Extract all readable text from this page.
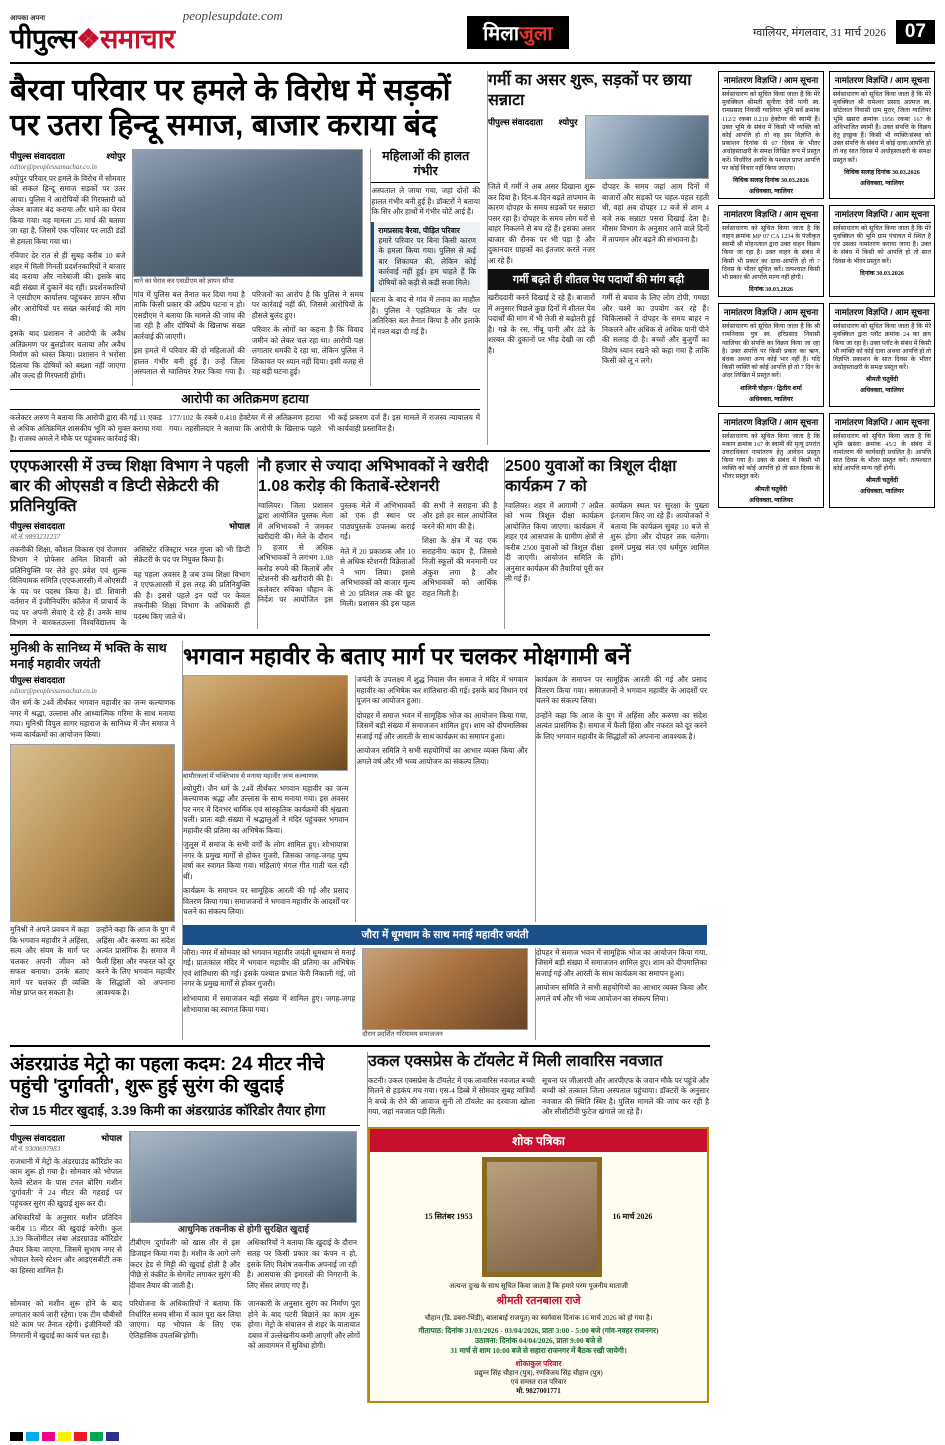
आपका अपना
पीपुल्स❖समाचार
peoplesupdate.com
मिलाजुला	ग्वालियर, मंगलवार, 31 मार्च 2026	07
बैरवा परिवार पर हमले के विरोध में सड़कों पर उतरा हिन्दू समाज, बाजार कराया बंद
पीपुल्स संवाददाता	श्योपुर
editor@peoplessamachar.co.in

श्योपुर परिवार पर हमले के विरोध में सोमवार को सकल हिन्दू समाज सड़कों पर उतर आया। पुलिस ने आरोपियों की गिरफ्तारी को लेकर बाजार बंद कराया और थाने का घेराव किया गया। यह मामला 25 मार्च की बताया जा रहा है, जिसमें एक परिवार पर लाठी डंडों से हमला किया गया था।

रविवार देर रात से ही सुबह करीब 10 बजे शहर में मिली गिनती प्रदर्शनकारियों ने बाजार बंद कराया और नारेबाजी की। इसके बाद बड़ी संख्या में दुकानें बंद रहीं। प्रदर्शनकारियों ने एसडीएम कार्यालय पहुंचकर ज्ञापन सौंपा और आरोपियों पर सख्त कार्रवाई की मांग की।

इसके बाद प्रशासन ने आरोपी के अवैध अतिक्रमण पर बुलडोजर चलाया और अवैध निर्माण को ध्वस्त किया। प्रशासन ने भरोसा दिलाया कि दोषियों को बख्शा नहीं जाएगा और जल्द ही गिरफ्तारी होगी।

थाने का घेराव कर एसडीएम को ज्ञापन सौंपा

गांव में पुलिस बल तैनात कर दिया गया है ताकि किसी प्रकार की अप्रिय घटना न हो। एसडीएम ने बताया कि मामले की जांच की जा रही है और दोषियों के खिलाफ सख्त कार्रवाई की जाएगी।

इस हमले में परिवार की दो महिलाओं की हालत गंभीर बनी हुई है। उन्हें जिला अस्पताल से ग्वालियर रेफर किया गया है। परिजनों का आरोप है कि पुलिस ने समय पर कार्रवाई नहीं की, जिससे आरोपियों के हौसले बुलंद हुए।

परिवार के लोगों का कहना है कि विवाद जमीन को लेकर चल रहा था। आरोपी पक्ष लगातार धमकी दे रहा था, लेकिन पुलिस ने शिकायत पर ध्यान नहीं दिया। इसी वजह से यह बड़ी घटना हुई।

महिलाओं की हालत गंभीर

अस्पताल ले जाया गया, जहां दोनों की हालत गंभीर बनी हुई है। डॉक्टरों ने बताया कि सिर और हाथों में गंभीर चोटें आई हैं।

रामप्रसाद बैरवा, पीड़ित परिवार
हमारे परिवार पर बिना किसी कारण के हमला किया गया। पुलिस से कई बार शिकायत की, लेकिन कोई कार्रवाई नहीं हुई। हम चाहते हैं कि दोषियों को कड़ी से कड़ी सजा मिले।

घटना के बाद से गांव में तनाव का माहौल है। पुलिस ने एहतियात के तौर पर अतिरिक्त बल तैनात किया है और इलाके में गश्त बढ़ा दी गई है।

आरोपी का अतिक्रमण हटाया

कलेक्टर अरुण ने बताया कि आरोपी द्वारा की गई 11 एकड़ से अधिक अतिक्रमित शासकीय भूमि को मुक्त कराया गया है। राजस्व अमले ने मौके पर पहुंचकर कार्रवाई की।

177/102 के रकबे 0.418 हेक्टेयर में से अतिक्रमण हटाया गया। तहसीलदार ने बताया कि आरोपी के खिलाफ पहले भी कई प्रकरण दर्ज हैं। इस मामले में राजस्व न्यायालय में भी कार्यवाही प्रस्तावित है।

गर्मी का असर शुरू, सड़कों पर छाया सन्नाटा
पीपुल्स संवाददाता श्योपुर

जिले में गर्मी ने अब असर दिखाना शुरू कर दिया है। दिन-ब-दिन बढ़ते तापमान के कारण दोपहर के समय सड़कों पर सन्नाटा पसर रहा है। दोपहर के समय लोग घरों से बाहर निकलने से बच रहे हैं। इसका असर बाजार की रौनक पर भी पड़ा है और दुकानदार ग्राहकों का इंतजार करते नजर आ रहे हैं।

दोपहर के समय जहां आम दिनों में बाजारों और सड़कों पर चहल-पहल रहती थी, वहां अब दोपहर 12 बजे से शाम 4 बजे तक सन्नाटा पसरा दिखाई देता है। मौसम विभाग के अनुसार आने वाले दिनों में तापमान और बढ़ने की संभावना है।

गर्मी बढ़ते ही शीतल पेय पदार्थों की मांग बढ़ी

खरीददारी करने दिखाई दे रहे हैं। बाजारों में अनुसार पिछले कुछ दिनों में शीतल पेय पदार्थों की मांग में भी तेजी से बढ़ोतरी हुई है। गन्ने के रस, नींबू पानी और ठंडे के शरबत की दुकानों पर भीड़ देखी जा रही है।

गर्मी से बचाव के लिए लोग टोपी, गमछा और चश्मे का उपयोग कर रहे हैं। चिकित्सकों ने दोपहर के समय बाहर न निकलने और अधिक से अधिक पानी पीने की सलाह दी है। बच्चों और बुजुर्गों का विशेष ध्यान रखने को कहा गया है ताकि किसी को लू न लगे।

एएफआरसी में उच्च शिक्षा विभाग ने पहली बार की ओएसडी व डिप्टी सेक्रेटरी की प्रतिनियुक्ति
पीपुल्स संवाददाता	भोपाल
मो.नं. 9893231237

तकनीकी शिक्षा, कौशल विकास एवं रोजगार विभाग ने प्रोफेसर अनिल शिवानी को प्रतिनियुक्ति पर लेते हुए प्रवेश एवं शुल्क विनियामक समिति (एएफआरसी) में ओएसडी के पद पर पदस्थ किया है। डॉ. शिवानी वर्तमान में इंजीनियरिंग कॉलेज में प्राचार्य के पद पर अपनी सेवाएं दे रहे हैं। उनके साथ विभाग ने बारकतउल्ला विश्वविद्यालय के असिस्टेंट रजिस्ट्रार भरत गुप्ता को भी डिप्टी सेक्रेटरी के पद पर नियुक्त किया है।

यह पहला अवसर है जब उच्च शिक्षा विभाग ने एएफआरसी में इस तरह की प्रतिनियुक्ति की है। इससे पहले इन पदों पर केवल तकनीकी शिक्षा विभाग के अधिकारी ही पदस्थ किए जाते थे।

नौ हजार से ज्यादा अभिभावकों ने खरीदी 1.08 करोड़ की किताबें-स्टेशनरी

ग्वालियर। जिला प्रशासन द्वारा आयोजित पुस्तक मेला में अभिभावकों ने जमकर खरीदारी की। मेले के दौरान 9 हजार से अधिक अभिभावकों ने लगभग 1.08 करोड़ रुपये की किताबें और स्टेशनरी की खरीदारी की है। कलेक्टर रुचिका चौहान के निर्देश पर आयोजित इस पुस्तक मेले में अभिभावकों को एक ही स्थान पर पाठ्यपुस्तकें उपलब्ध कराई गईं।

मेले में 20 प्रकाशक और 10 से अधिक स्टेशनरी विक्रेताओं ने भाग लिया। इससे अभिभावकों को बाजार मूल्य से 20 प्रतिशत तक की छूट मिली। प्रशासन की इस पहल की सभी ने सराहना की है और इसे हर साल आयोजित करने की मांग की है।

शिक्षा के क्षेत्र में यह एक सराहनीय कदम है, जिससे निजी स्कूलों की मनमानी पर अंकुश लगा है और अभिभावकों को आर्थिक राहत मिली है।

2500 युवाओं का त्रिशूल दीक्षा कार्यक्रम 7 को

ग्वालियर। शहर में आगामी 7 अप्रैल को भव्य त्रिशूल दीक्षा कार्यक्रम आयोजित किया जाएगा। कार्यक्रम में शहर एवं आसपास के ग्रामीण क्षेत्रों से करीब 2500 युवाओं को त्रिशूल दीक्षा दी जाएगी। आयोजन समिति के अनुसार कार्यक्रम की तैयारियां पूरी कर ली गई हैं।

कार्यक्रम स्थल पर सुरक्षा के पुख्ता इंतजाम किए जा रहे हैं। आयोजकों ने बताया कि कार्यक्रम सुबह 10 बजे से शुरू होगा और दोपहर तक चलेगा। इसमें प्रमुख संत एवं धर्मगुरु शामिल होंगे।

मुनिश्री के सानिध्य में भक्ति के साथ मनाई महावीर जयंती
पीपुल्स संवाददाता
editor@peoplessamachar.co.in

जैन धर्म के 24वें तीर्थंकर भगवान महावीर का जन्म कल्याणक नगर में श्रद्धा, उल्लास और आध्यात्मिक गरिमा के साथ मनाया गया। मुनिश्री विपुल सागर महाराज के सानिध्य में जैन समाज ने भव्य कार्यक्रमों का आयोजन किया।

मुनिश्री ने अपने प्रवचन में कहा कि भगवान महावीर ने अहिंसा, सत्य और संयम के मार्ग पर चलकर अपनी जीवन को सफल बनाया। उनके बताए मार्ग पर चलकर ही व्यक्ति मोक्ष प्राप्त कर सकता है।

उन्होंने कहा कि आज के युग में अहिंसा और करुणा का संदेश अत्यंत प्रासंगिक है। समाज में फैली हिंसा और नफरत को दूर करने के लिए भगवान महावीर के सिद्धांतों को अपनाना आवश्यक है।

भगवान महावीर के बताए मार्ग पर चलकर मोक्षगामी बनें
बामौरकलां में भक्तिभाव से मनाया महावीर जन्म कल्याणक

श्योपुरी। जैन धर्म के 24वें तीर्थंकर भगवान महावीर का जन्म कल्याणक श्रद्धा और उल्लास के साथ मनाया गया। इस अवसर पर नगर में दिनभर धार्मिक एवं सांस्कृतिक कार्यक्रमों की श्रृंखला चली। प्रातः बड़ी संख्या में श्रद्धालुओं ने मंदिर पहुंचकर भगवान महावीर की प्रतिमा का अभिषेक किया।

जुलूस में समाज के सभी वर्गों के लोग शामिल हुए। शोभायात्रा नगर के प्रमुख मार्गों से होकर गुजरी, जिसका जगह-जगह पुष्प वर्षा कर स्वागत किया गया। महिलाएं मंगल गीत गाती चल रही थीं।

कार्यक्रम के समापन पर सामूहिक आरती की गई और प्रसाद वितरण किया गया। समाजजनों ने भगवान महावीर के आदर्शों पर चलने का संकल्प लिया।

जयंती के उपलक्ष्य में शुद्ध निवास जैन समाज ने मंदिर में भगवान महावीर का अभिषेक कर शांतिधारा की गई। इसके बाद विधान एवं पूजन का आयोजन हुआ।

दोपहर में समाज भवन में सामूहिक भोज का आयोजन किया गया, जिसमें बड़ी संख्या में समाजजन शामिल हुए। शाम को दीपमालिका सजाई गई और आरती के साथ कार्यक्रम का समापन हुआ।

आयोजन समिति ने सभी सहयोगियों का आभार व्यक्त किया और अगले वर्ष और भी भव्य आयोजन का संकल्प लिया।

कार्यक्रम के समापन पर सामूहिक आरती की गई और प्रसाद वितरण किया गया। समाजजनों ने भगवान महावीर के आदर्शों पर चलने का संकल्प लिया।

उन्होंने कहा कि आज के युग में अहिंसा और करुणा का संदेश अत्यंत प्रासंगिक है। समाज में फैली हिंसा और नफरत को दूर करने के लिए भगवान महावीर के सिद्धांतों को अपनाना आवश्यक है।

जौरा में धूमधाम के साथ मनाई महावीर जयंती

जौरा। नगर में सोमवार को भगवान महावीर जयंती धूमधाम से मनाई गई। प्रातःकाल मंदिर में भगवान महावीर की प्रतिमा का अभिषेक एवं शांतिधारा की गई। इसके पश्चात प्रभात फेरी निकाली गई, जो नगर के प्रमुख मार्गों से होकर गुजरी।

शोभायात्रा में समाजजन बड़ी संख्या में शामिल हुए। जगह-जगह शोभायात्रा का स्वागत किया गया।

दौरान प्रदर्शित गरिमामय समाजजन

दोपहर में समाज भवन में सामूहिक भोज का आयोजन किया गया, जिसमें बड़ी संख्या में समाजजन शामिल हुए। शाम को दीपमालिका सजाई गई और आरती के साथ कार्यक्रम का समापन हुआ।

आयोजन समिति ने सभी सहयोगियों का आभार व्यक्त किया और अगले वर्ष और भी भव्य आयोजन का संकल्प लिया।

अंडरग्राउंड मेट्रो का पहला कदम: 24 मीटर नीचे पहुंची 'दुर्गावती', शुरू हुई सुरंग की खुदाई
रोज 15 मीटर खुदाई, 3.39 किमी का अंडरग्राउंड कॉरिडोर तैयार होगा
पीपुल्स संवाददाता	भोपाल
मो.नं. 9300697983

राजधानी में मेट्रो के अंडरग्राउंड कॉरिडोर का काम शुरू हो गया है। सोमवार को भोपाल रेलवे स्टेशन के पास टनल बोरिंग मशीन 'दुर्गावती' ने 24 मीटर की गहराई पर पहुंचकर सुरंग की खुदाई शुरू कर दी।

अधिकारियों के अनुसार मशीन प्रतिदिन करीब 15 मीटर की खुदाई करेगी। कुल 3.39 किलोमीटर लंबा अंडरग्राउंड कॉरिडोर तैयार किया जाएगा, जिसमें सुभाष नगर से भोपाल रेलवे स्टेशन और आइएसबीटी तक का हिस्सा शामिल है।

आधुनिक तकनीक से होगी सुरक्षित खुदाई

टीबीएम 'दुर्गावती' को खास तौर से इस डिजाइन किया गया है। मशीन के आगे लगे कटर हेड से मिट्टी की खुदाई होती है और पीछे से कंक्रीट के सेगमेंट लगाकर सुरंग की दीवार तैयार की जाती है।

अधिकारियों ने बताया कि खुदाई के दौरान सतह पर किसी प्रकार का कंपन न हो, इसके लिए विशेष तकनीक अपनाई जा रही है। आसपास की इमारतों की निगरानी के लिए सेंसर लगाए गए हैं।

सोमवार को मशीन शुरू होने के बाद लगातार कार्य जारी रहेगा। एक टीम चौबीसों घंटे काम पर तैनात रहेगी। इंजीनियरों की निगरानी में खुदाई का कार्य चल रहा है।

परियोजना के अधिकारियों ने बताया कि निर्धारित समय सीमा में काम पूरा कर लिया जाएगा। यह भोपाल के लिए एक ऐतिहासिक उपलब्धि होगी।

जानकारी के अनुसार सुरंग का निर्माण पूरा होने के बाद पटरी बिछाने का काम शुरू होगा। मेट्रो के संचालन से शहर के यातायात दबाव में उल्लेखनीय कमी आएगी और लोगों को आवागमन में सुविधा होगी।

उकल एक्सप्रेस के टॉयलेट में मिली लावारिस नवजात

कटनी। उकल एक्सप्रेस के टॉयलेट में एक लावारिस नवजात बच्ची मिलने से हड़कंप मच गया। एस-4 डिब्बे में सोमवार सुबह यात्रियों ने बच्चे के रोने की आवाज सुनी तो टॉयलेट का दरवाजा खोला गया, जहां नवजात पड़ी मिली।

सूचना पर जीआरपी और आरपीएफ के जवान मौके पर पहुंचे और बच्ची को तत्काल जिला अस्पताल पहुंचाया। डॉक्टरों के अनुसार नवजात की स्थिति स्थिर है। पुलिस मामले की जांच कर रही है और सीसीटीवी फुटेज खंगाले जा रहे हैं।

शोक पत्रिका
15 सितंबर 1953	16 मार्च 2026
अत्यन्त दुःख के साथ सूचित किया जाता है कि हमारे परम पूजनीय माताजी
श्रीमती रतनबाला राजे
चौहान (डि. डबरा-भिंडी), बालाबाई राजपूत) का स्वर्गवास दिनांक 16 मार्च 2026 को हो गया है।
गीतापाठ: दिनांक 31/03/2026 - 03/04/2026, प्रातः 3:00 - 5:00 बजे (गांव-नवहर राजनगर)
उठावना: दिनांक 04/04/2026, प्रातः 9:00 बजे से
31 मार्च से शाम 10:00 बजे से सहारा राजनगर में बैठक रखी जायेगी।
शोकाकुल परिवार
प्रद्युम्न सिंह चौहान (पुत्र), रणविजय सिंह चौहान (पुत्र)
एवं समस्त राज परिवार
मो. 9827001771
नामांतरण विज्ञप्ति / आम सूचना
सर्वसाधारण को सूचित किया जाता है कि मेरे मुवक्किल श्रीमती सुनीता देवी पत्नी स्व. रामप्रसाद निवासी ग्वालियर भूमि सर्वे क्रमांक 112/2 रकबा 0.218 हेक्टेयर की स्वामी हैं। उक्त भूमि के संबंध में किसी भी व्यक्ति को कोई आपत्ति हो तो वह इस विज्ञप्ति के प्रकाशन दिनांक से 07 दिवस के भीतर अधोहस्ताक्षरी के समक्ष लिखित रूप में प्रस्तुत करें। निर्धारित अवधि के पश्चात प्राप्त आपत्ति पर कोई विचार नहीं किया जाएगा।
विधिक सलाह दिनांक 30.03.2026
अधिवक्ता, ग्वालियर
नामांतरण विज्ञप्ति / आम सूचना
सर्वसाधारण को सूचित किया जाता है कि मेरे मुवक्किल श्री रामेश्वर प्रसाद आत्मज स्व. छोटेलाल निवासी ग्राम मुरार, जिला ग्वालियर भूमि खसरा क्रमांक 1956 रकबा 167 के अविभाजित स्वामी हैं। उक्त संपत्ति के विक्रय हेतु इच्छुक हैं। किसी भी व्यक्ति/संस्था को उक्त संपत्ति के संबंध में कोई दावा/आपत्ति हो तो वह सात दिवस में अधोहस्ताक्षरी के समक्ष प्रस्तुत करें।
विधिक सलाह दिनांक 30.03.2026
अधिवक्ता, ग्वालियर
नामांतरण विज्ञप्ति / आम सूचना
सर्वसाधारण को सूचित किया जाता है कि वाहन क्रमांक MP 07 CA 1234 के पंजीकृत स्वामी श्री मोहनलाल द्वारा उक्त वाहन विक्रय किया जा रहा है। उक्त वाहन के संबंध में किसी भी प्रकार का दावा-आपत्ति हो तो 7 दिवस के भीतर सूचित करें। तत्पश्चात किसी भी प्रकार की आपत्ति मान्य नहीं होगी।
दिनांक 30.03.2026
नामांतरण विज्ञप्ति / आम सूचना
सर्वसाधारण को सूचित किया जाता है कि मेरे मुवक्किल की भूमि ग्राम पंचायत में स्थित है एवं उसका नामांतरण कराया जाना है। उक्त के संबंध में किसी को आपत्ति हो तो सात दिवस के भीतर प्रस्तुत करें।
दिनांक 30.03.2026
नामांतरण विज्ञप्ति / आम सूचना
सर्वसाधारण को सूचित किया जाता है कि श्री रामनिवास पुत्र स्व. हरिप्रसाद निवासी ग्वालियर की संपत्ति का विक्रय किया जा रहा है। उक्त संपत्ति पर किसी प्रकार का ऋण, बंधक अथवा अन्य कोई भार नहीं है। यदि किसी व्यक्ति को कोई आपत्ति हो तो 7 दिन के अंदर लिखित में प्रस्तुत करें।
शालिनी चौहान / द्वितीय शर्मा
अधिवक्ता, ग्वालियर
नामांतरण विज्ञप्ति / आम सूचना
सर्वसाधारण को सूचित किया जाता है कि मेरे मुवक्किल द्वारा प्लॉट क्रमांक 24 का क्रय किया जा रहा है। उक्त प्लॉट के संबंध में किसी भी व्यक्ति को कोई दावा अथवा आपत्ति हो तो विज्ञप्ति प्रकाशन के सात दिवस के भीतर अधोहस्ताक्षरी के समक्ष प्रस्तुत करें।
श्रीमती चतुर्वेदी
अधिवक्ता, ग्वालियर
नामांतरण विज्ञप्ति / आम सूचना
सर्वसाधारण को सूचित किया जाता है कि मकान क्रमांक 167 के स्वामी की मृत्यु उपरांत उत्तराधिकार नामांतरण हेतु आवेदन प्रस्तुत किया गया है। उक्त के संबंध में किसी भी व्यक्ति को कोई आपत्ति हो तो सात दिवस के भीतर प्रस्तुत करें।
श्रीमती चतुर्वेदी
अधिवक्ता, ग्वालियर
नामांतरण विज्ञप्ति / आम सूचना
सर्वसाधारण को सूचित किया जाता है कि भूमि खसरा क्रमांक 45/2 के संबंध में नामांतरण की कार्यवाही प्रचलित है। आपत्ति सात दिवस के भीतर प्रस्तुत करें। तत्पश्चात कोई आपत्ति मान्य नहीं होगी।
श्रीमती चतुर्वेदी
अधिवक्ता, ग्वालियर
